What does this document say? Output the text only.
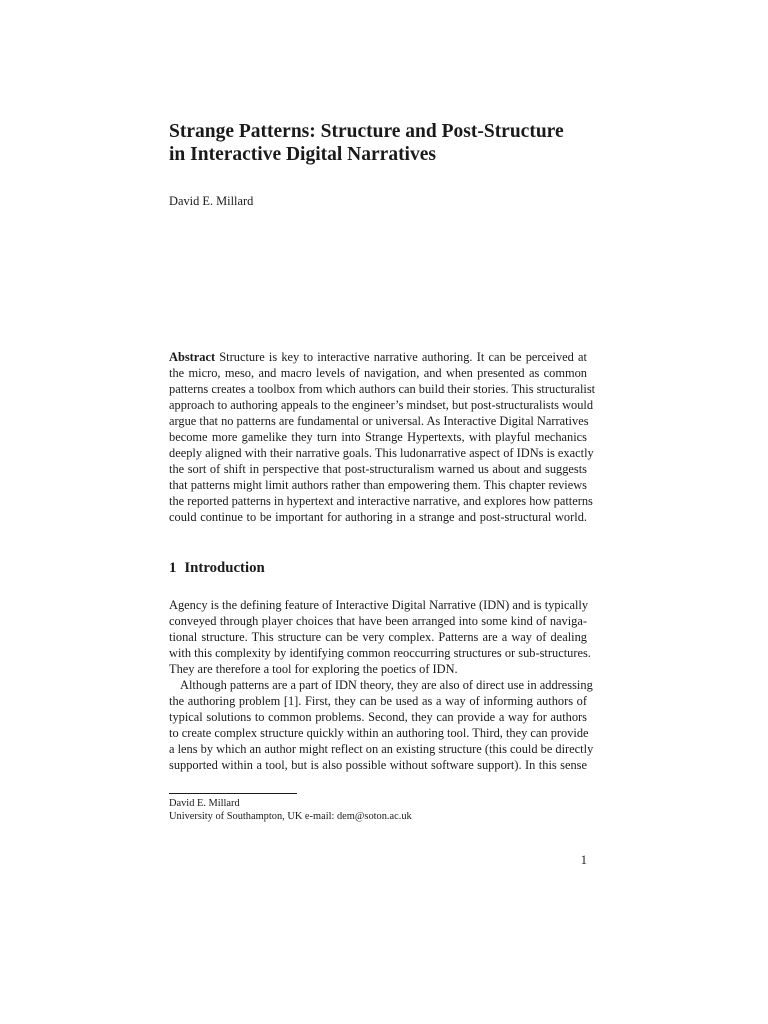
Strange Patterns: Structure and Post-Structure
in Interactive Digital Narratives

David E. Millard

Abstract Structure is key to interactive narrative authoring. It can be perceived at
the micro, meso, and macro levels of navigation, and when presented as common
patterns creates a toolbox from which authors can build their stories. This structuralist
approach to authoring appeals to the engineer’s mindset, but post-structuralists would
argue that no patterns are fundamental or universal. As Interactive Digital Narratives
become more gamelike they turn into Strange Hypertexts, with playful mechanics
deeply aligned with their narrative goals. This ludonarrative aspect of IDNs is exactly
the sort of shift in perspective that post-structuralism warned us about and suggests
that patterns might limit authors rather than empowering them. This chapter reviews
the reported patterns in hypertext and interactive narrative, and explores how patterns
could continue to be important for authoring in a strange and post-structural world.
1 Introduction
Agency is the defining feature of Interactive Digital Narrative (IDN) and is typically
conveyed through player choices that have been arranged into some kind of naviga-
tional structure. This structure can be very complex. Patterns are a way of dealing
with this complexity by identifying common reoccurring structures or sub-structures.
They are therefore a tool for exploring the poetics of IDN.
Although patterns are a part of IDN theory, they are also of direct use in addressing
the authoring problem [1]. First, they can be used as a way of informing authors of
typical solutions to common problems. Second, they can provide a way for authors
to create complex structure quickly within an authoring tool. Third, they can provide
a lens by which an author might reflect on an existing structure (this could be directly
supported within a tool, but is also possible without software support). In this sense

David E. Millard
University of Southampton, UK e-mail: dem@soton.ac.uk

1
